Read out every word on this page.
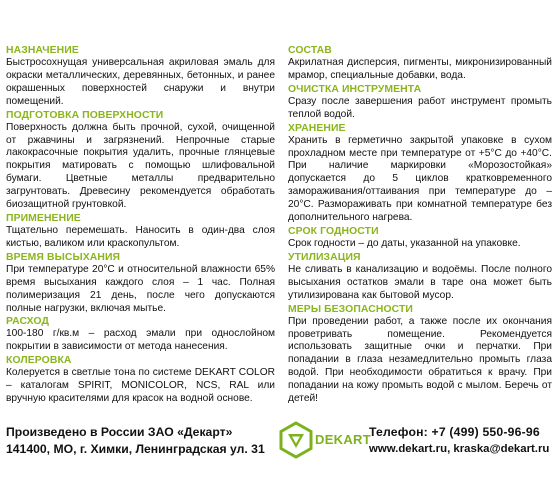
НАЗНАЧЕНИЕ
Быстросохнущая универсальная акриловая эмаль для окраски металлических, деревянных, бетонных, и ранее окрашенных поверхностей снаружи и внутри помещений.
ПОДГОТОВКА ПОВЕРХНОСТИ
Поверхность должна быть прочной, сухой, очищенной от ржавчины и загрязнений. Непрочные старые лакокрасочные покрытия удалить, прочные глянцевые покрытия матировать с помощью шлифовальной бумаги. Цветные металлы предварительно загрунтовать. Древесину рекомендуется обработать биозащитной грунтовкой.
ПРИМЕНЕНИЕ
Тщательно перемешать. Наносить в один-два слоя кистью, валиком или краскопультом.
ВРЕМЯ ВЫСЫХАНИЯ
При температуре 20°С и относительной влажности 65% время высыхания каждого слоя – 1 час. Полная полимеризация 21 день, после чего допускаются полные нагрузки, включая мытье.
РАСХОД
100-180 г/кв.м – расход эмали при однослойном покрытии в зависимости от метода нанесения.
КОЛЕРОВКА
Колеруется в светлые тона по системе DEKART COLOR – каталогам SPIRIT, MONICOLOR, NCS, RAL или вручную красителями для красок на водной основе.
СОСТАВ
Акрилатная дисперсия, пигменты, микронизированный мрамор, специальные добавки, вода.
ОЧИСТКА ИНСТРУМЕНТА
Сразу после завершения работ инструмент промыть теплой водой.
ХРАНЕНИЕ
Хранить в герметично закрытой упаковке в сухом прохладном месте при температуре от +5°С до +40°С. При наличие маркировки «Морозостойкая» допускается до 5 циклов кратковременного замораживания/оттаивания при температуре до – 20°С. Размораживать при комнатной температуре без дополнительного нагрева.
СРОК ГОДНОСТИ
Срок годности – до даты, указанной на упаковке.
УТИЛИЗАЦИЯ
Не сливать в канализацию и водоёмы. После полного высыхания остатков эмали в таре она может быть утилизирована как бытовой мусор.
МЕРЫ БЕЗОПАСНОСТИ
При проведении работ, а также после их окончания проветривать помещение. Рекомендуется использовать защитные очки и перчатки. При попадании в глаза незамедлительно промыть глаза водой. При необходимости обратиться к врачу. При попадании на кожу промыть водой с мылом. Беречь от детей!
Произведено в России ЗАО «Декарт»
141400, МО, г. Химки, Ленинградская ул. 31
DEKART
Телефон: +7 (499) 550-96-96
www.dekart.ru, kraska@dekart.ru
